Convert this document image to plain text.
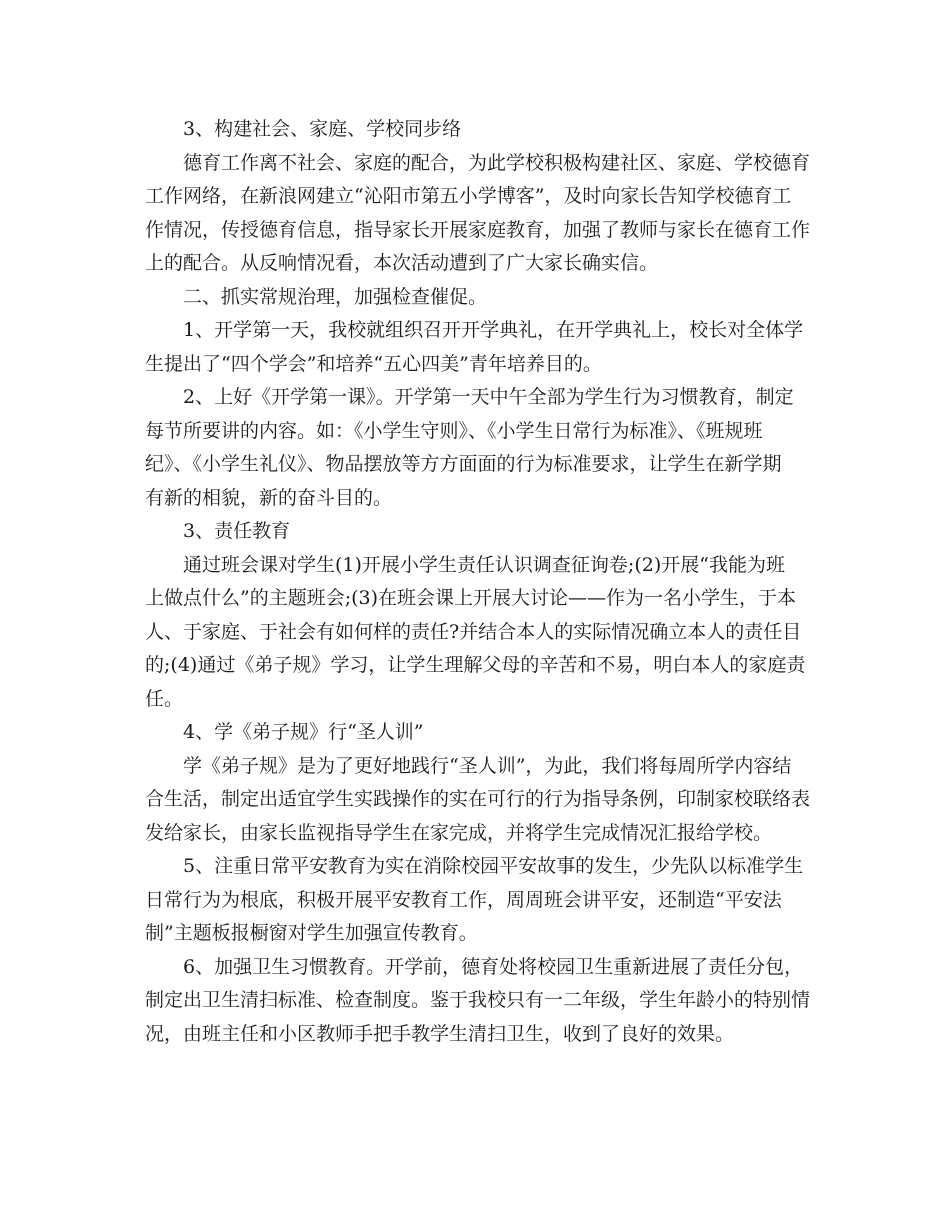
3、构建社会、家庭、学校同步络

德育工作离不社会、家庭的配合，为此学校积极构建社区、家庭、学校德育
工作网络，在新浪网建立“沁阳市第五小学博客”，及时向家长告知学校德育工
作情况，传授德育信息，指导家长开展家庭教育，加强了教师与家长在德育工作
上的配合。从反响情况看，本次活动遭到了广大家长确实信。

二、抓实常规治理，加强检查催促。

1、开学第一天，我校就组织召开开学典礼，在开学典礼上，校长对全体学
生提出了“四个学会”和培养“五心四美”青年培养目的。

2、上好《开学第一课》。开学第一天中午全部为学生行为习惯教育，制定
每节所要讲的内容。如：《小学生守则》、《小学生日常行为标准》、《班规班
纪》、《小学生礼仪》、物品摆放等方方面面的行为标准要求，让学生在新学期
有新的相貌，新的奋斗目的。

3、责任教育

通过班会课对学生(1)开展小学生责任认识调查征询卷;(2)开展“我能为班
上做点什么”的主题班会;(3)在班会课上开展大讨论——作为一名小学生，于本
人、于家庭、于社会有如何样的责任?并结合本人的实际情况确立本人的责任目
的;(4)通过《弟子规》学习，让学生理解父母的辛苦和不易，明白本人的家庭责
任。

4、学《弟子规》行“圣人训”

学《弟子规》是为了更好地践行“圣人训”，为此，我们将每周所学内容结
合生活，制定出适宜学生实践操作的实在可行的行为指导条例，印制家校联络表
发给家长，由家长监视指导学生在家完成，并将学生完成情况汇报给学校。

5、注重日常平安教育为实在消除校园平安故事的发生，少先队以标准学生
日常行为为根底，积极开展平安教育工作，周周班会讲平安，还制造“平安法
制”主题板报橱窗对学生加强宣传教育。

6、加强卫生习惯教育。开学前，德育处将校园卫生重新进展了责任分包，
制定出卫生清扫标准、检查制度。鉴于我校只有一二年级，学生年龄小的特别情
况，由班主任和小区教师手把手教学生清扫卫生，收到了良好的效果。
